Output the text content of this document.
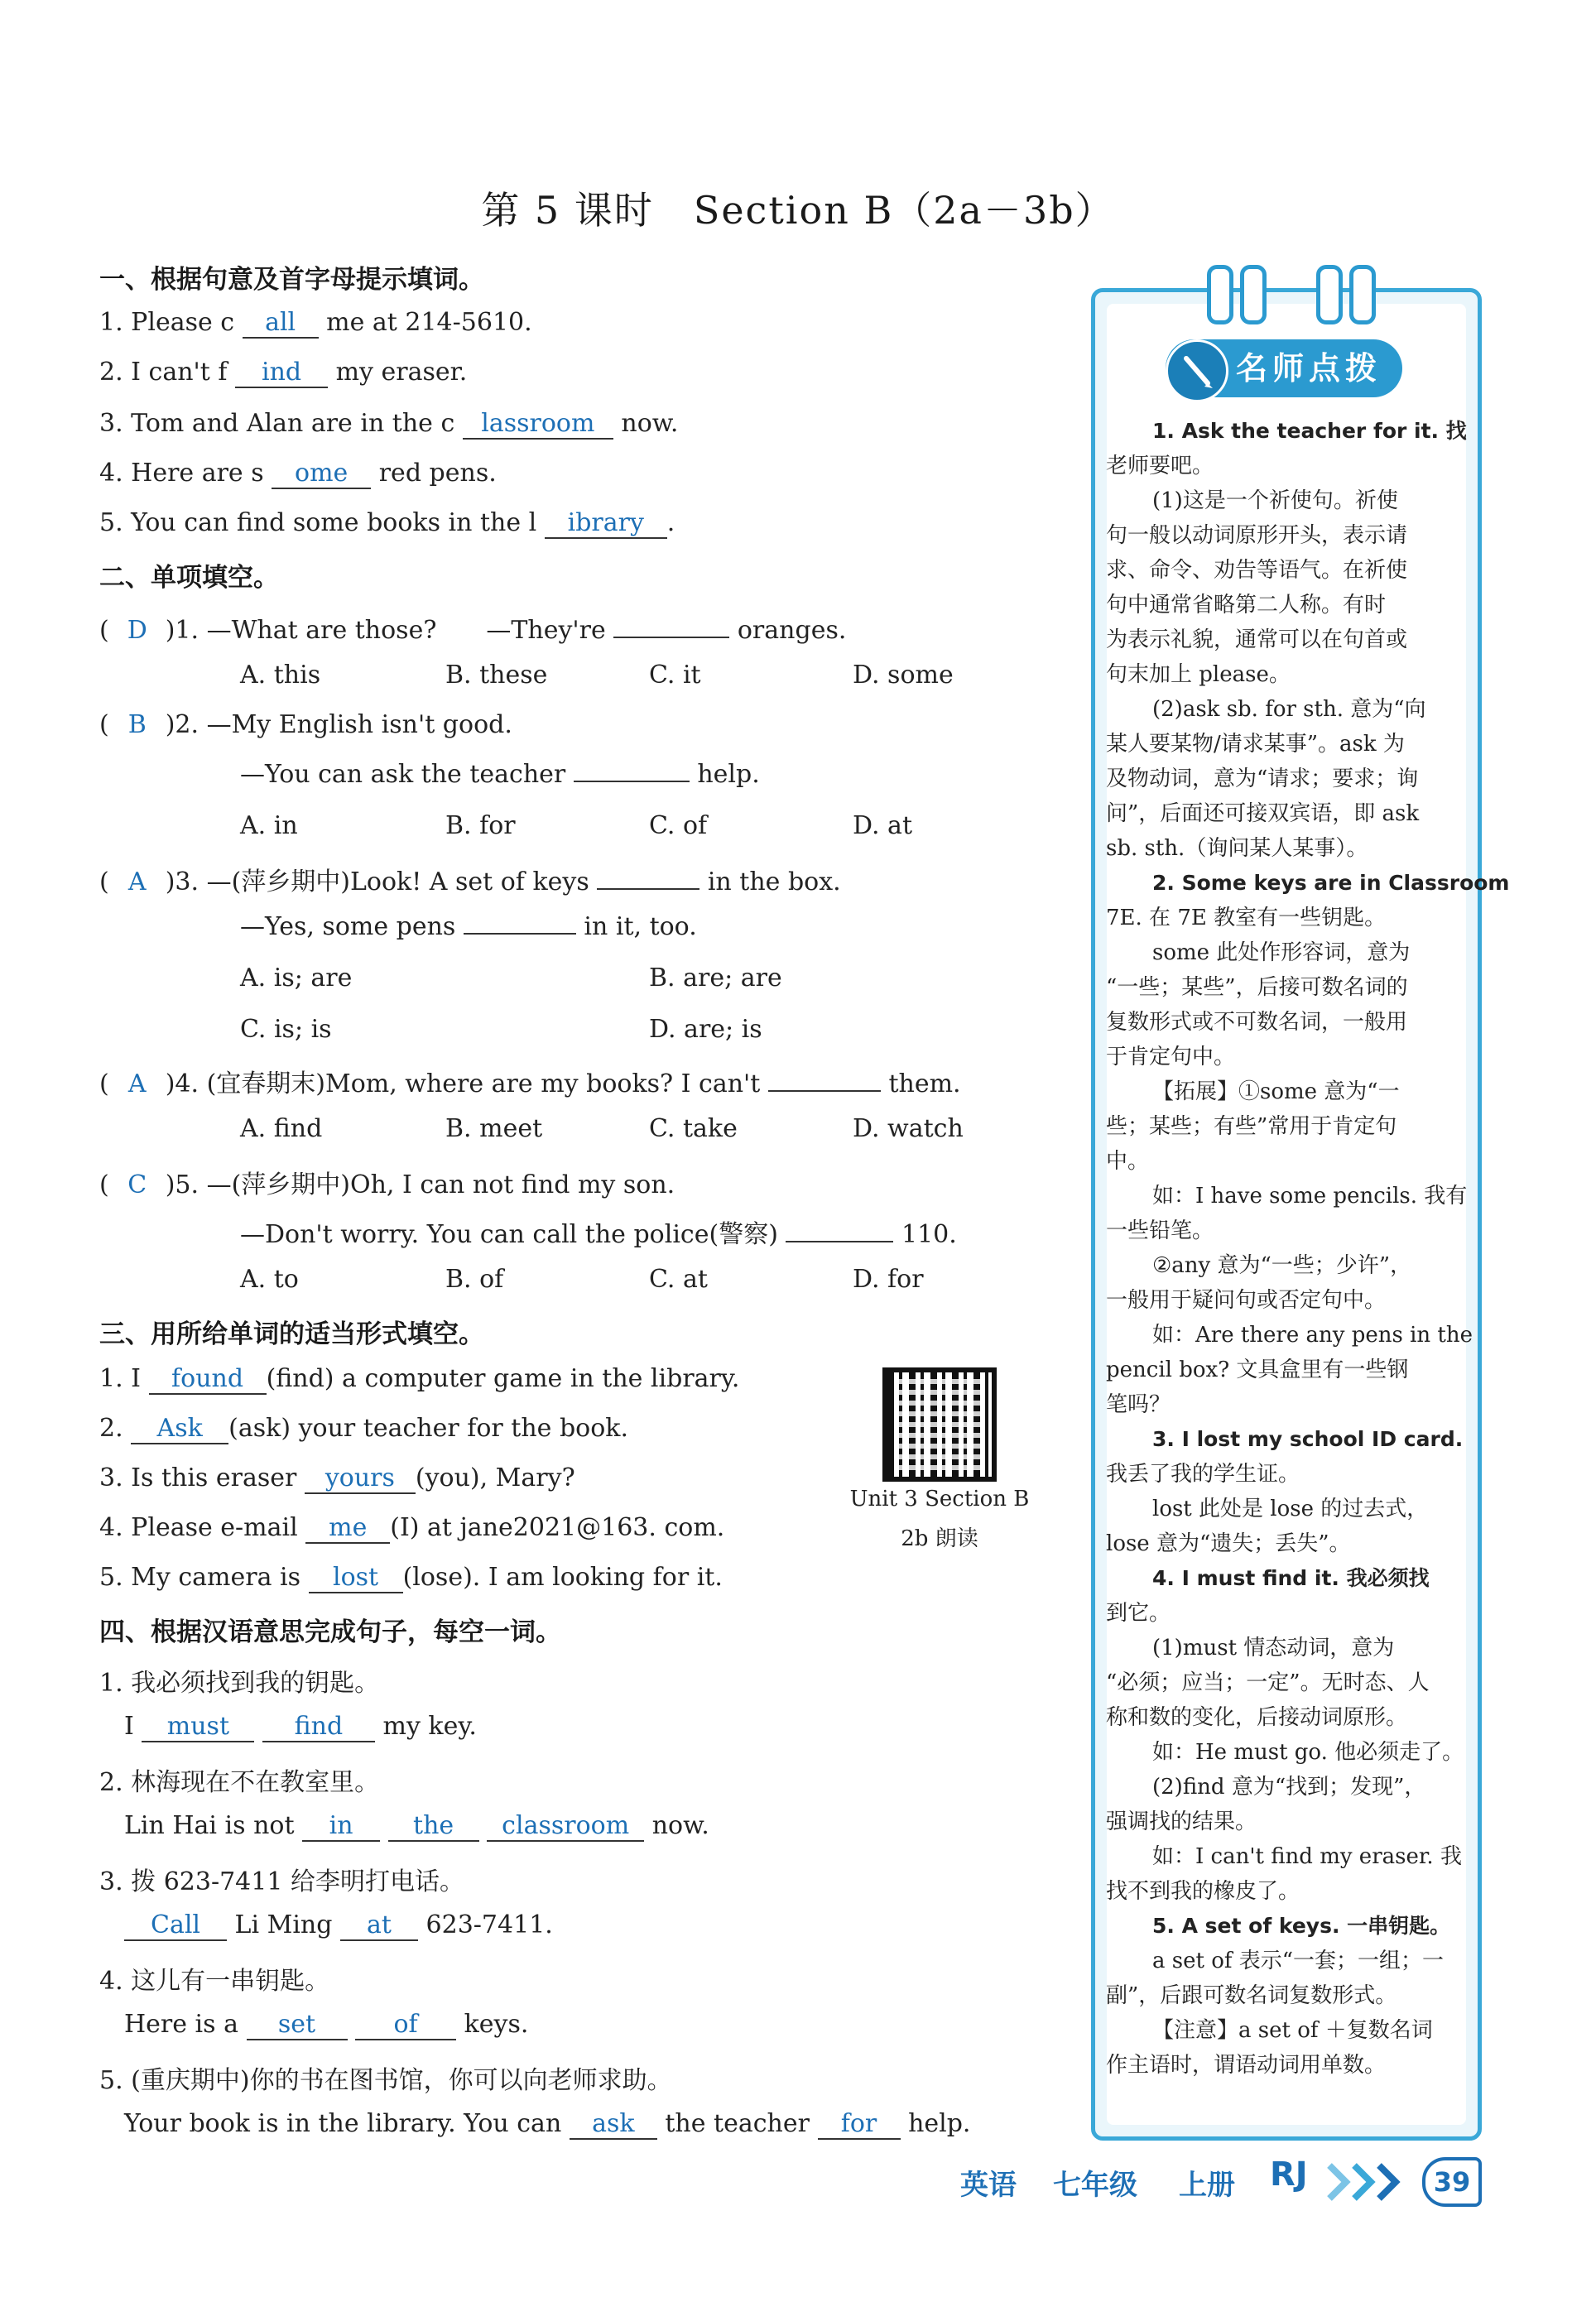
第 5 课时　Section B（2a－3b）
一、根据句意及首字母提示填词。
1. Please c all me at 214-5610.
2. I can't f ind my eraser.
3. Tom and Alan are in the c lassroom now.
4. Here are s ome red pens.
5. You can find some books in the l ibrary .
二、单项填空。
( D )1. —What are those?　　—They're	oranges.
A. this	B. these	C. it	D. some
( B )2. —My English isn't good.
—You can ask the teacher	help.
A. in	B. for	C. of	D. at
( A )3. —(萍乡期中)Look! A set of keys	in the box.
—Yes, some pens	in it, too.
A. is; are	B. are; are
C. is; is	D. are; is
( A )4. (宜春期末)Mom, where are my books? I can't	them.
A. find	B. meet	C. take	D. watch
( C )5. —(萍乡期中)Oh, I can not find my son.
—Don't worry. You can call the police(警察)	110.
A. to	B. of	C. at	D. for
三、用所给单词的适当形式填空。
1. I found (find) a computer game in the library.
2. Ask (ask) your teacher for the book.
3. Is this eraser yours (you), Mary?
4. Please e-mail me (I) at jane2021@163. com.
5. My camera is lost (lose). I am looking for it.
Unit 3 Section B
2b 朗读
四、根据汉语意思完成句子，每空一词。
1. 我必须找到我的钥匙。
I must	find my key.
2. 林海现在不在教室里。
Lin Hai is not in the classroom now.
3. 拨 623-7411 给李明打电话。
Call Li Ming at 623-7411.
4. 这儿有一串钥匙。
Here is a set	of keys.
5. (重庆期中)你的书在图书馆，你可以向老师求助。
Your book is in the library. You can ask the teacher for help.
名师点拨
1. Ask the teacher for it. 找
老师要吧。
(1)这是一个祈使句。祈使
句一般以动词原形开头，表示请
求、命令、劝告等语气。在祈使
句中通常省略第二人称。有时
为表示礼貌，通常可以在句首或
句末加上 please。
(2)ask sb. for sth. 意为“向
某人要某物/请求某事”。ask 为
及物动词，意为“请求；要求；询
问”，后面还可接双宾语，即 ask
sb. sth.（询问某人某事）。
2. Some keys are in Classroom
7E. 在 7E 教室有一些钥匙。
some 此处作形容词，意为
“一些；某些”，后接可数名词的
复数形式或不可数名词，一般用
于肯定句中。
【拓展】①some 意为“一
些；某些；有些”常用于肯定句
中。
如：I have some pencils. 我有
一些铅笔。
②any 意为“一些；少许”，
一般用于疑问句或否定句中。
如：Are there any pens in the
pencil box? 文具盒里有一些钢
笔吗？
3. I lost my school ID card.
我丢了我的学生证。
lost 此处是 lose 的过去式，
lose 意为“遗失；丢失”。
4. I must find it. 我必须找
到它。
(1)must 情态动词，意为
“必须；应当；一定”。无时态、人
称和数的变化，后接动词原形。
如：He must go. 他必须走了。
(2)find 意为“找到；发现”，
强调找的结果。
如：I can't find my eraser. 我
找不到我的橡皮了。
5. A set of keys. 一串钥匙。
a set of 表示“一套；一组；一
副”，后跟可数名词复数形式。
【注意】a set of ＋复数名词
作主语时，谓语动词用单数。
英语 七年级 上册 RJ	39
